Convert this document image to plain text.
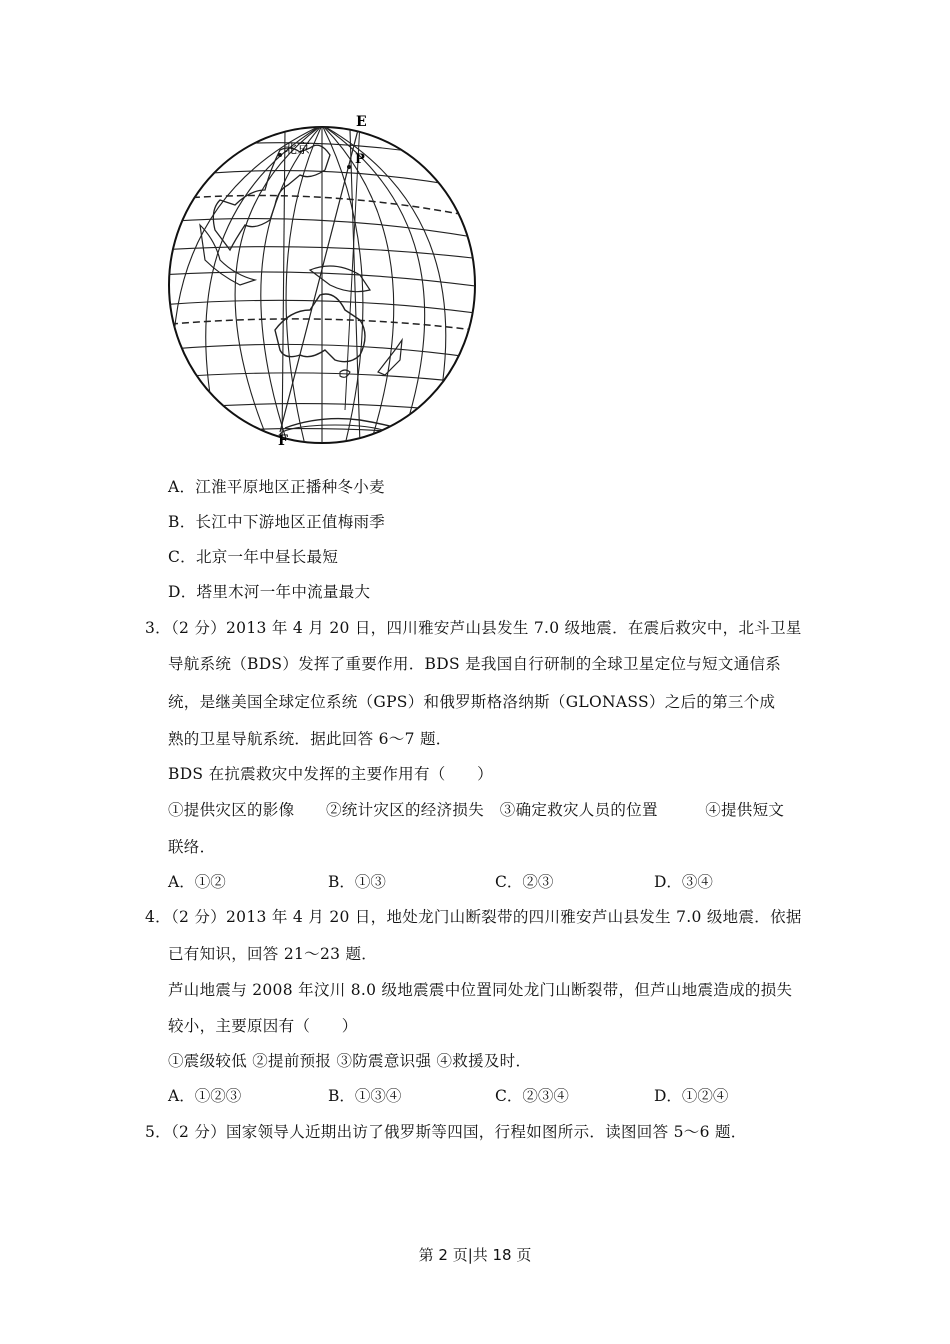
E
P
F
北京
A．江淮平原地区正播种冬小麦
B．长江中下游地区正值梅雨季
C．北京一年中昼长最短
D．塔里木河一年中流量最大
3．（2 分）2013 年 4 月 20 日，四川雅安芦山县发生 7.0 级地震．在震后救灾中，北斗卫星
导航系统（BDS）发挥了重要作用．BDS 是我国自行研制的全球卫星定位与短文通信系
统，是继美国全球定位系统（GPS）和俄罗斯格洛纳斯（GLONASS）之后的第三个成
熟的卫星导航系统．据此回答 6～7 题．
BDS 在抗震救灾中发挥的主要作用有（　　）
①提供灾区的影像　　②统计灾区的经济损失　③确定救灾人员的位置　　　④提供短文
联络．
A．①②	B．①③	C．②③	D．③④
4．（2 分）2013 年 4 月 20 日，地处龙门山断裂带的四川雅安芦山县发生 7.0 级地震．依据
已有知识，回答 21～23 题．
芦山地震与 2008 年汶川 8.0 级地震震中位置同处龙门山断裂带，但芦山地震造成的损失
较小，主要原因有（　　）
①震级较低 ②提前预报 ③防震意识强 ④救援及时．
A．①②③	B．①③④	C．②③④	D．①②④
5．（2 分）国家领导人近期出访了俄罗斯等四国，行程如图所示．读图回答 5～6 题．
第 2 页|共 18 页
